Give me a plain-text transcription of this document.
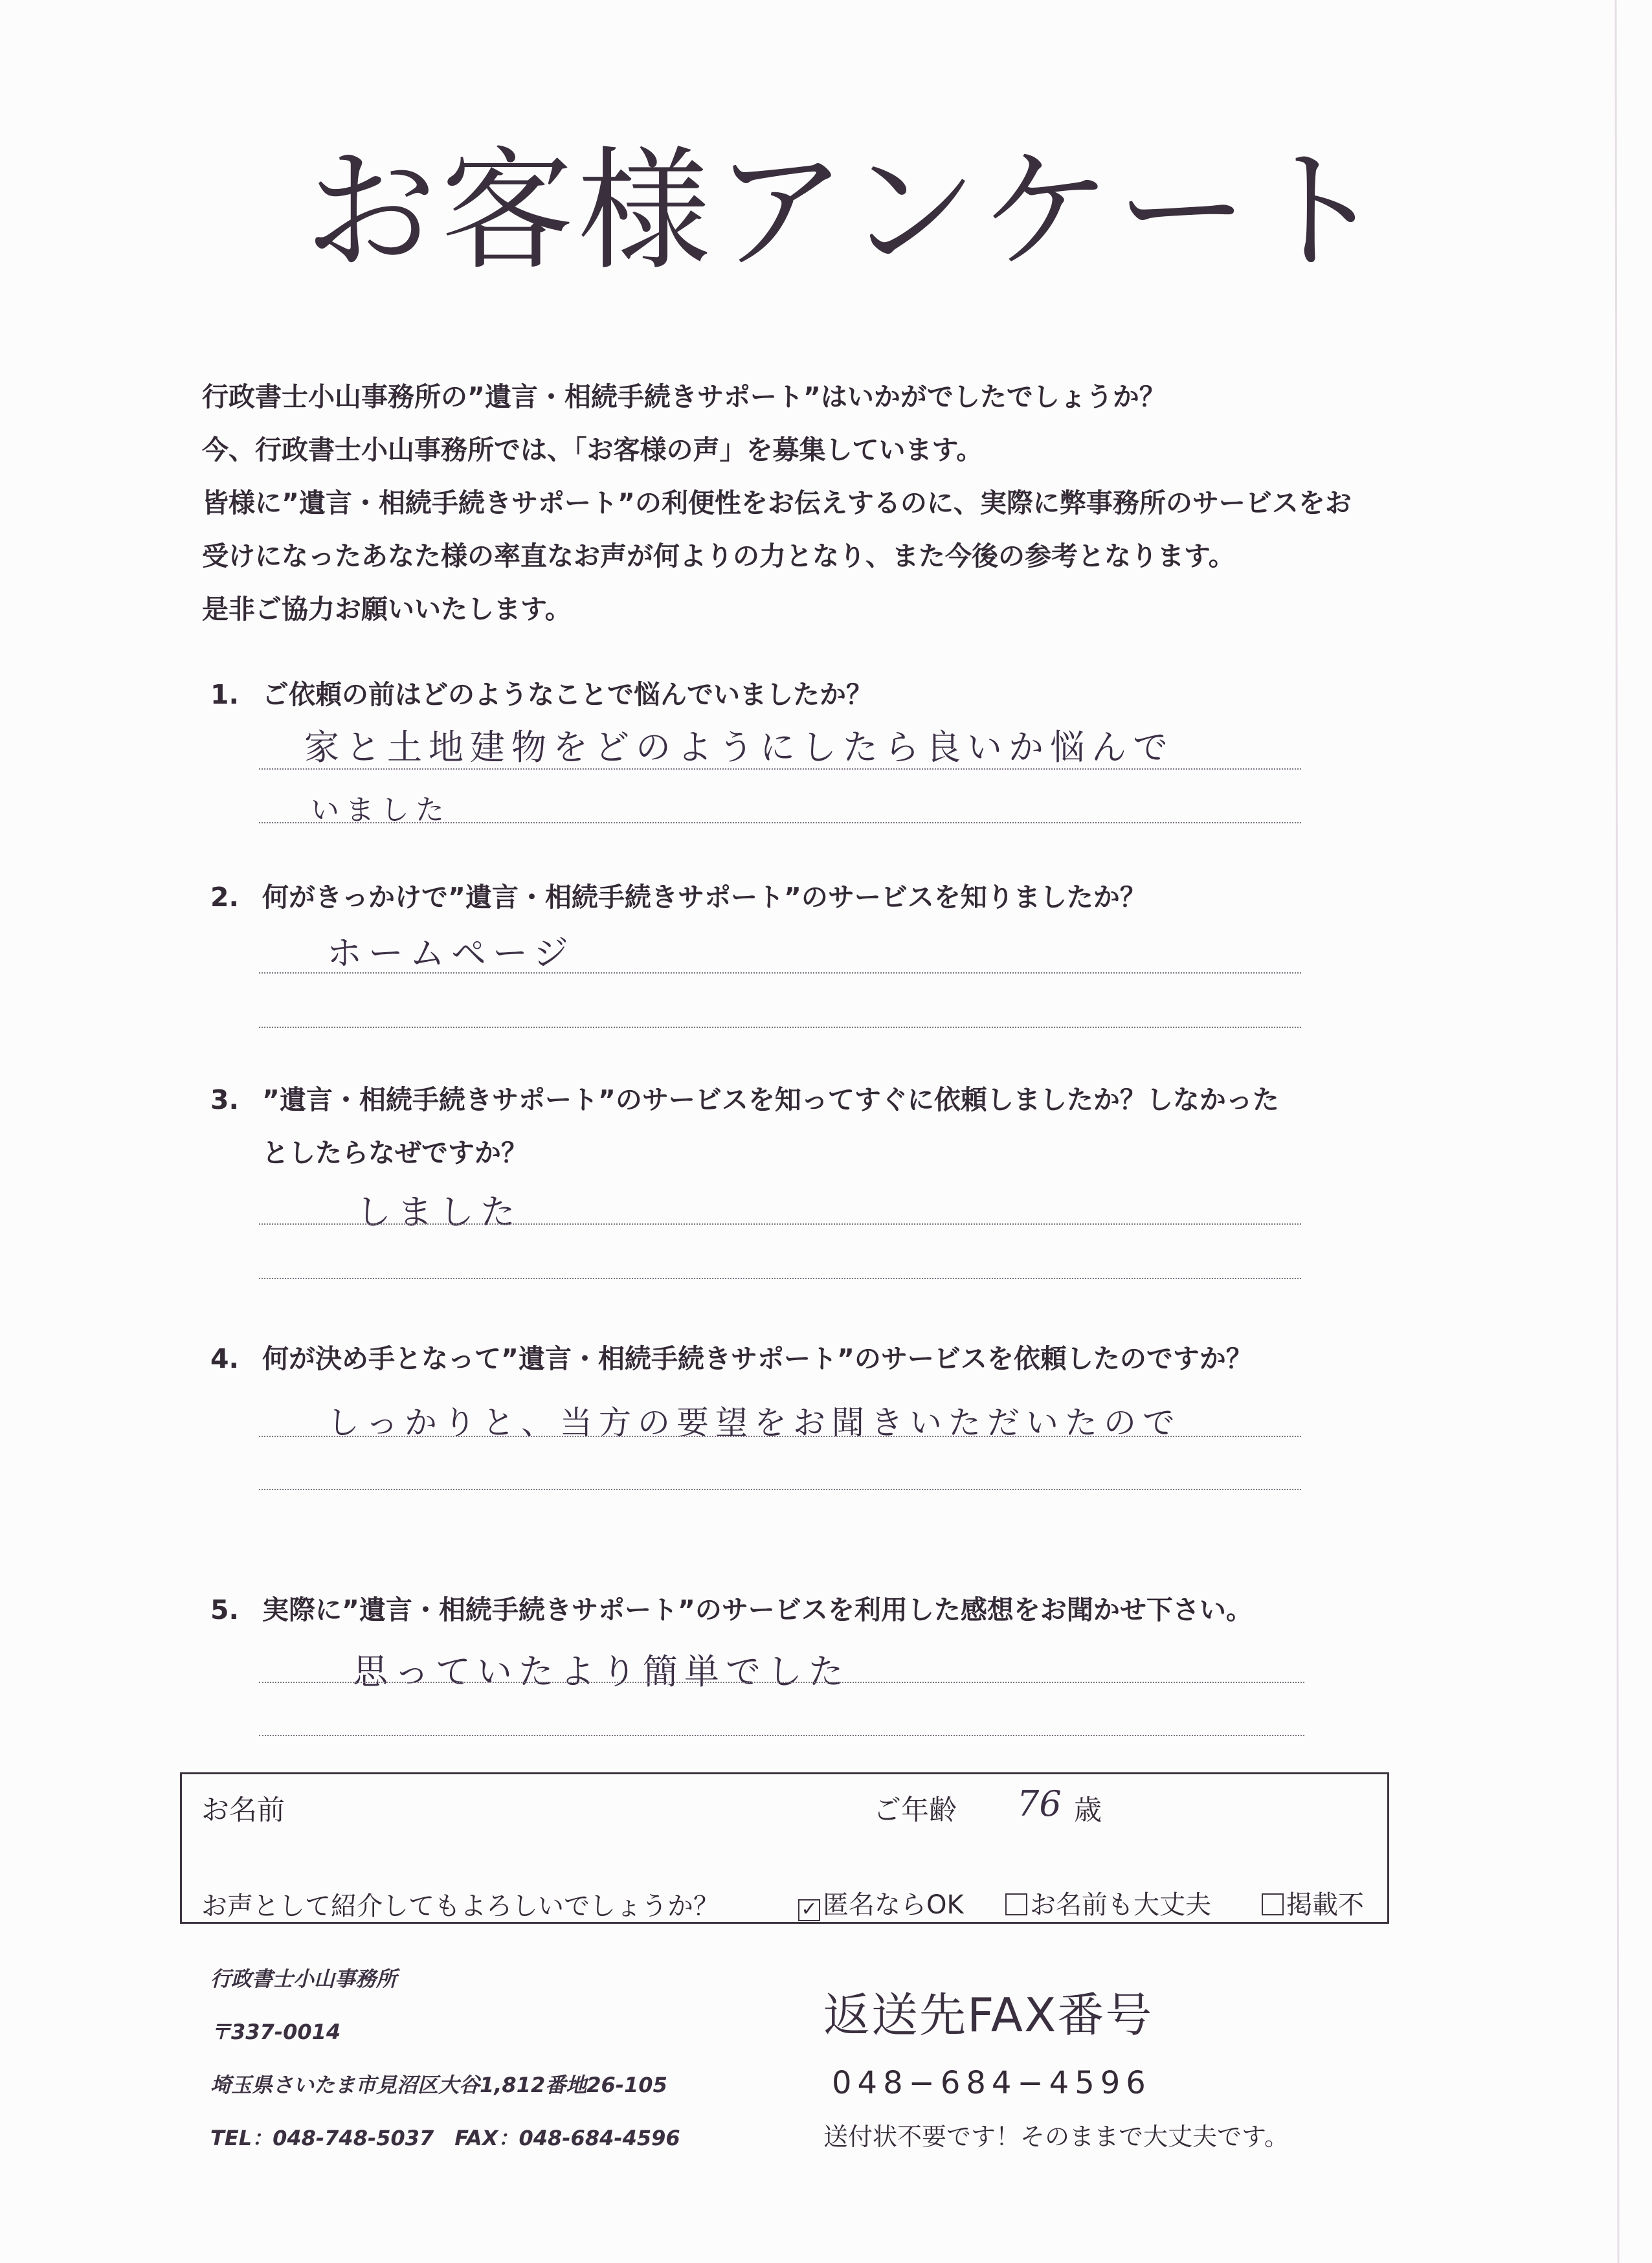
お客様アンケート

行政書士小山事務所の”遺言・相続手続きサポート”はいかがでしたでしょうか？

今、行政書士小山事務所では、「お客様の声」を募集しています。

皆様に”遺言・相続手続きサポート”の利便性をお伝えするのに、実際に弊事務所のサービスをお

受けになったあなた様の率直なお声が何よりの力となり、また今後の参考となります。

是非ご協力お願いいたします。

1. ご依頼の前はどのようなことで悩んでいましたか？
家と土地建物をどのようにしたら良いか悩んで
いました
2. 何がきっかけで”遺言・相続手続きサポート”のサービスを知りましたか？
ホームページ
3. ”遺言・相続手続きサポート”のサービスを知ってすぐに依頼しましたか？しなかった
としたらなぜですか？
しました
4. 何が決め手となって”遺言・相続手続きサポート”のサービスを依頼したのですか？
しっかりと、当方の要望をお聞きいただいたので
5. 実際に”遺言・相続手続きサポート”のサービスを利用した感想をお聞かせ下さい。
思っていたより簡単でした
お名前	ご年齢 76 歳
お声として紹介してもよろしいでしょうか？	✓ 匿名ならOK	お名前も大丈夫	掲載不
行政書士小山事務所
〒337-0014
埼玉県さいたま市見沼区大谷1,812番地26-105
TEL：048-748-5037　FAX：048-684-4596
返送先FAX番号
048−684−4596
送付状不要です！そのままで大丈夫です。
